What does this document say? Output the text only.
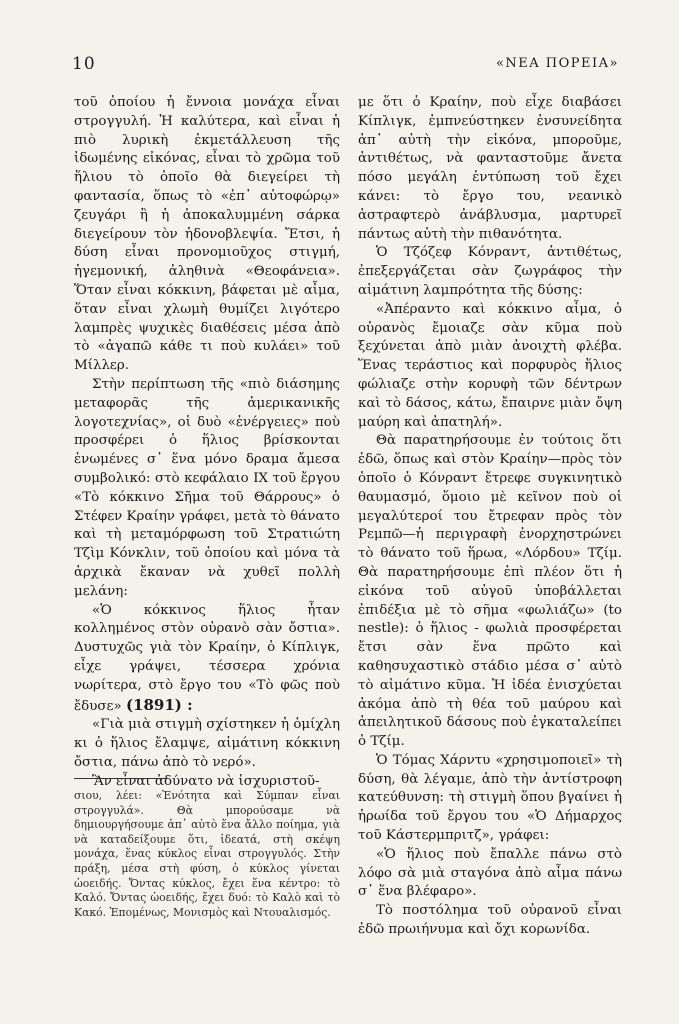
10	«ΝΕΑ ΠΟΡΕΙΑ»

τοῦ ὁποίου ἡ ἔννοια μονάχα εἶναι στρογγυλή. Ἡ καλύτερα, καὶ εἶναι ἡ πιὸ λυρικὴ ἐκμετάλλευση τῆς ἰδωμένης εἰκόνας, εἶναι τὸ χρῶμα τοῦ ἥλιου τὸ ὁποῖο θὰ διεγείρει τὴ φαντασία, ὅπως τὸ «ἐπ᾽ αὐτοφώρῳ» ζευγάρι ἢ ἡ ἀποκαλυμμένη σάρκα διεγείρουν τὸν ἡδονοβλεψία. Ἔτσι, ἡ δύση εἶναι προνομιοῦχος στιγμή, ἡγεμονική, ἀληθινὰ «Θεοφάνεια». Ὅταν εἶναι κόκκινη, βάφεται μὲ αἷμα, ὅταν εἶναι χλωμὴ θυμίζει λιγότερο λαμπρὲς ψυχικὲς διαθέσεις μέσα ἀπὸ τὸ «ἀγαπῶ κάθε τι ποὺ κυλάει» τοῦ Μίλλερ.

Στὴν περίπτωση τῆς «πιὸ διάσημης μεταφορᾶς τῆς ἀμερικανικῆς λογοτεχνίας», οἱ δυὸ «ἐνέργειες» ποὺ προσφέρει ὁ ἥλιος βρίσκονται ἑνωμένες σ᾽ ἕνα μόνο δραμα ἄμεσα συμβολικό: στὸ κεφάλαιο IX τοῦ ἔργου «Τὸ κόκκινο Σῆμα τοῦ Θάρρους» ὁ Στέφεν Κραίην γράφει, μετὰ τὸ θάνατο καὶ τὴ μεταμόρφωση τοῦ Στρατιώτη Τζὶμ Κόνκλιν, τοῦ ὁποίου καὶ μόνα τὰ ἀρχικὰ ἔκαναν νὰ χυθεῖ πολλὴ μελάνη:

«Ὁ κόκκινος ἥλιος ἦταν κολλημένος στὸν οὐρανὸ σὰν ὄστια». Δυστυχῶς γιὰ τὸν Κραίην, ὁ Κίπλιγκ, εἶχε γράψει, τέσσερα χρόνια νωρίτερα, στὸ ἔργο του «Τὸ φῶς ποὺ ἔδυσε» (1891) :

«Γιὰ μιὰ στιγμὴ σχίστηκεν ἡ ὁμίχλη κι ὁ ἥλιος ἔλαμψε, αἱμάτινη κόκκινη ὄστια, πάνω ἀπὸ τὸ νερό».

Ἂν εἶναι ἀδύνατο νὰ ἰσχυριστοῦ-

σιου, λέει: «Ἑνότητα καὶ Σύμπαν εἶναι στρογγυλά». Θὰ μπορούσαμε νὰ δημιουργήσουμε ἀπ᾽ αὐτὸ ἕνα ἄλλο ποίημα, γιὰ νὰ καταδείξουμε ὅτι, ἰδεατά, στὴ σκέψη μονάχα, ἕνας κύκλος εἶναι στρογγυλός. Στὴν πράξη, μέσα στὴ φύση, ὁ κύκλος γίνεται ὡοειδής. Ὄντας κύκλος, ἔχει ἕνα κέντρο: τὸ Καλό. Ὄντας ὡοειδής, ἔχει δυό: τὸ Καλὸ καὶ τὸ Κακό. Ἑπομένως, Μονισμὸς καὶ Ντουαλισμός.

με ὅτι ὁ Κραίην, ποὺ εἶχε διαβάσει Κίπλιγκ, ἐμπνεύστηκεν ἐνσυνείδητα ἀπ᾽ αὐτὴ τὴν εἰκόνα, μποροῦμε, ἀντιθέτως, νὰ φανταστοῦμε ἄνετα πόσο μεγάλη ἐντύπωση τοῦ ἔχει κάνει: τὸ ἔργο του, νεανικὸ ἀστραφτερὸ ἀνάβλυσμα, μαρτυρεῖ πάντως αὐτὴ τὴν πιθανότητα.

Ὁ Τζόζεφ Κόνραντ, ἀντιθέτως, ἐπεξεργάζεται σὰν ζωγράφος τὴν αἱμάτινη λαμπρότητα τῆς δύσης:

«Ἀπέραντο καὶ κόκκινο αἷμα, ὁ οὐρανὸς ἔμοιαζε σὰν κῦμα ποὺ ξεχύνεται ἀπὸ μιὰν ἀνοιχτὴ φλέβα. Ἕνας τεράστιος καὶ πορφυρὸς ἥλιος φώλιαζε στὴν κορυφὴ τῶν δέντρων καὶ τὸ δάσος, κάτω, ἔπαιρνε μιὰν ὄψη μαύρη καὶ ἀπατηλή».

Θὰ παρατηρήσουμε ἐν τούτοις ὅτι ἐδῶ, ὅπως καὶ στὸν Κραίην—πρὸς τὸν ὁποῖο ὁ Κόνραντ ἔτρεφε συγκινητικὸ θαυμασμό, ὅμοιο μὲ κεῖνον ποὺ οἱ μεγαλύτεροί του ἔτρεφαν πρὸς τὸν Ρεμπῶ—ἡ περιγραφὴ ἐνορχηστρώνει τὸ θάνατο τοῦ ἥρωα, «Λόρδου» Τζίμ. Θὰ παρατηρήσουμε ἐπὶ πλέον ὅτι ἡ εἰκόνα τοῦ αὐγοῦ ὑποβάλλεται ἐπιδέξια μὲ τὸ σῆμα «φωλιάζω» (to nestle): ὁ ἥλιος - φωλιὰ προσφέρεται ἔτσι σὰν ἕνα πρῶτο καὶ καθησυχαστικὸ στάδιο μέσα σ᾽ αὐτὸ τὸ αἱμάτινο κῦμα. Ἡ ἰδέα ἐνισχύεται ἀκόμα ἀπὸ τὴ θέα τοῦ μαύρου καὶ ἀπειλητικοῦ δάσους ποὺ ἐγκαταλείπει ὁ Τζίμ.

Ὁ Τόμας Χάρντυ «χρησιμοποιεῖ» τὴ δύση, θὰ λέγαμε, ἀπὸ τὴν ἀντίστροφη κατεύθυνση: τὴ στιγμὴ ὅπου βγαίνει ἡ ἡρωίδα τοῦ ἔργου του «Ὁ Δήμαρχος τοῦ Κάστερμπριτζ», γράφει:

«Ὁ ἥλιος ποὺ ἔπαλλε πάνω στὸ λόφο σὰ μιὰ σταγόνα ἀπὸ αἷμα πάνω σ᾽ ἕνα βλέφαρο».

Τὸ ποστόλημα τοῦ οὐρανοῦ εἶναι ἐδῶ πρωιήνυμα καὶ ὄχι κορωνίδα.
